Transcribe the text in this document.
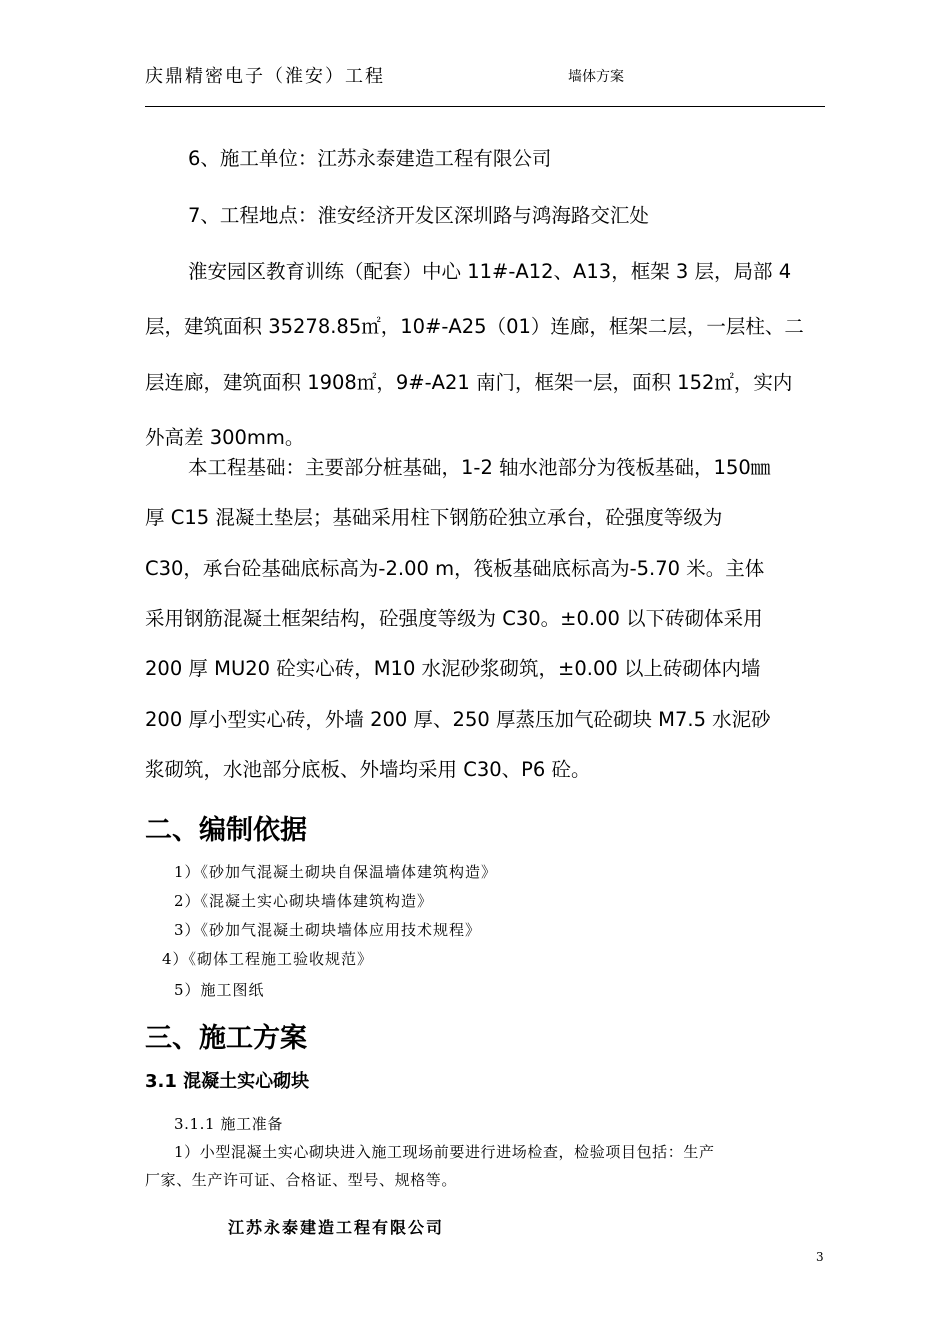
庆鼎精密电子（淮安）工程	墙体方案
6、施工单位：江苏永泰建造工程有限公司
7、工程地点：淮安经济开发区深圳路与鸿海路交汇处
淮安园区教育训练（配套）中心 11#-A12、A13，框架 3 层，局部 4
层，建筑面积 35278.85㎡，10#-A25（01）连廊，框架二层，一层柱、二
层连廊，建筑面积 1908㎡，9#-A21 南门，框架一层，面积 152㎡，实内
外高差 300mm。
本工程基础：主要部分桩基础，1-2 轴水池部分为筏板基础，150㎜
厚 C15 混凝土垫层；基础采用柱下钢筋砼独立承台，砼强度等级为
C30，承台砼基础底标高为-2.00 m，筏板基础底标高为-5.70 米。主体
采用钢筋混凝土框架结构，砼强度等级为 C30。±0.00 以下砖砌体采用
200 厚 MU20 砼实心砖，M10 水泥砂浆砌筑，±0.00 以上砖砌体内墙
200 厚小型实心砖，外墙 200 厚、250 厚蒸压加气砼砌块 M7.5 水泥砂
浆砌筑，水池部分底板、外墙均采用 C30、P6 砼。
二、编制依据
1）《砂加气混凝土砌块自保温墙体建筑构造》
2）《混凝土实心砌块墙体建筑构造》
3）《砂加气混凝土砌块墙体应用技术规程》
4）《砌体工程施工验收规范》
5）施工图纸
三、施工方案
3.1 混凝土实心砌块
3.1.1 施工准备
1）小型混凝土实心砌块进入施工现场前要进行进场检查，检验项目包括：生产
厂家、生产许可证、合格证、型号、规格等。
江苏永泰建造工程有限公司
3
